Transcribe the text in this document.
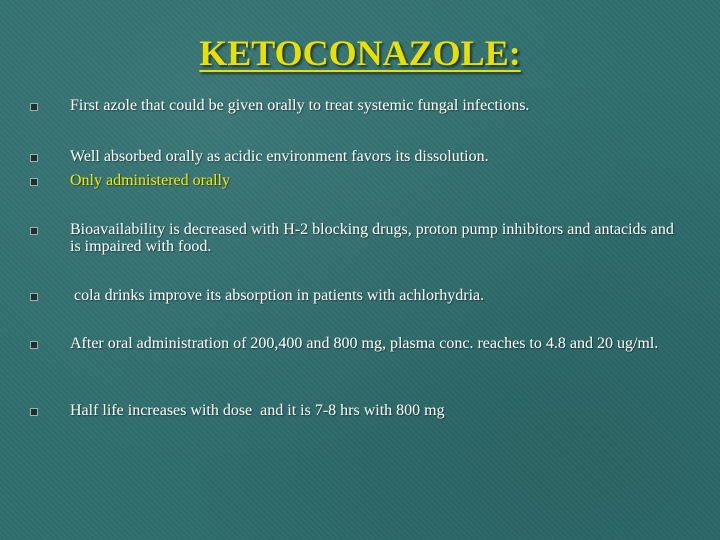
KETOCONAZOLE:
First azole that could be given orally to treat systemic fungal infections.
Well absorbed orally as acidic environment favors its dissolution.
Only administered orally
Bioavailability is decreased with H-2 blocking drugs, proton pump inhibitors and antacids and is impaired with food.
cola drinks improve its absorption in patients with achlorhydria.
After oral administration of 200,400 and 800 mg, plasma conc. reaches to 4.8 and 20 ug/ml.
Half life increases with dose  and it is 7-8 hrs with 800 mg
